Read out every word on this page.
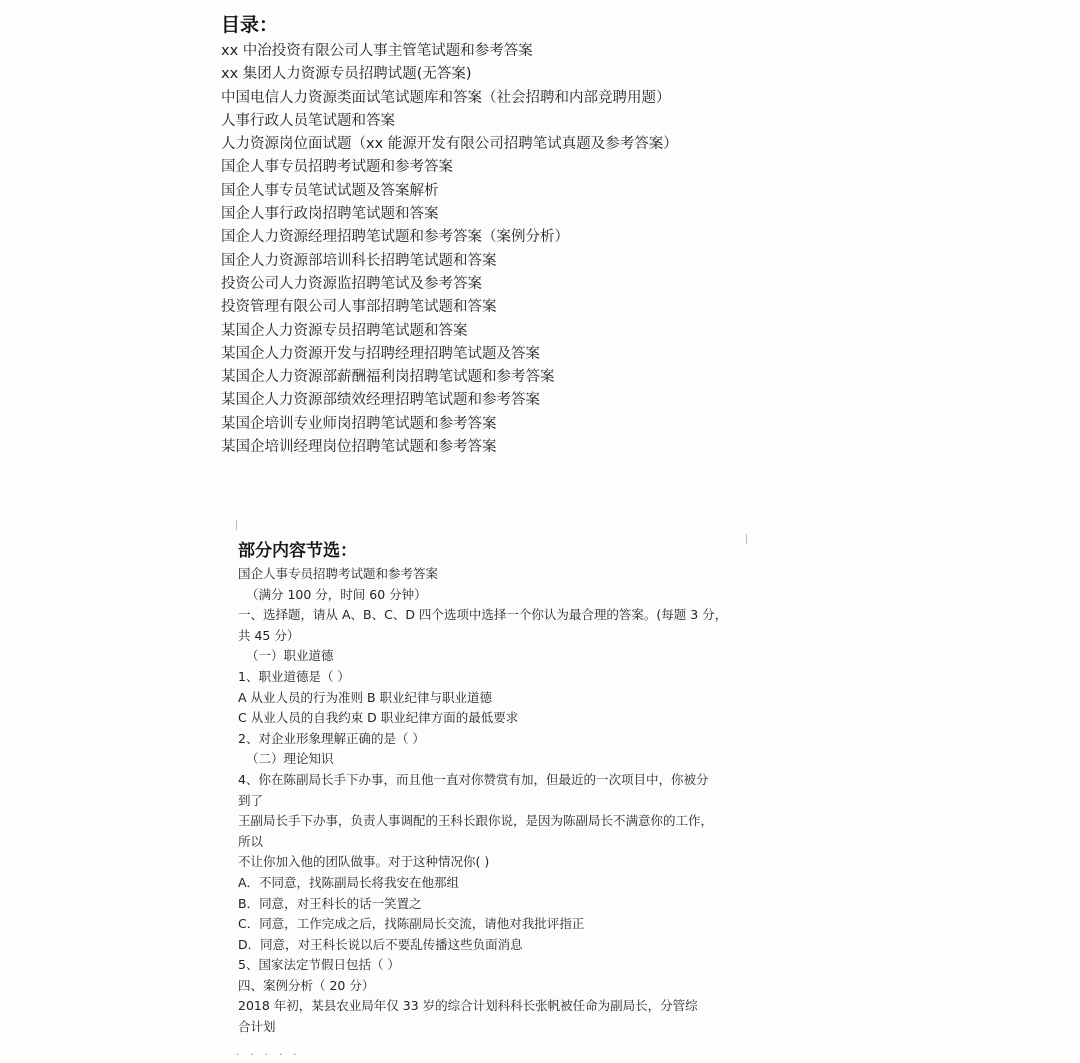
目录：
xx 中冶投资有限公司人事主管笔试题和参考答案
xx 集团人力资源专员招聘试题(无答案)
中国电信人力资源类面试笔试题库和答案（社会招聘和内部竞聘用题）
人事行政人员笔试题和答案
人力资源岗位面试题（xx 能源开发有限公司招聘笔试真题及参考答案）
国企人事专员招聘考试题和参考答案
国企人事专员笔试试题及答案解析
国企人事行政岗招聘笔试题和答案
国企人力资源经理招聘笔试题和参考答案（案例分析）
国企人力资源部培训科长招聘笔试题和答案
投资公司人力资源监招聘笔试及参考答案
投资管理有限公司人事部招聘笔试题和答案
某国企人力资源专员招聘笔试题和答案
某国企人力资源开发与招聘经理招聘笔试题及答案
某国企人力资源部薪酬福利岗招聘笔试题和参考答案
某国企人力资源部绩效经理招聘笔试题和参考答案
某国企培训专业师岗招聘笔试题和参考答案
某国企培训经理岗位招聘笔试题和参考答案
部分内容节选：
国企人事专员招聘考试题和参考答案
（满分 100 分，时间 60 分钟）
一、选择题，请从 A、B、C、D 四个选项中选择一个你认为最合理的答案。(每题 3 分，
共 45 分）
（一）职业道德
1、职业道德是（ ）
A 从业人员的行为准则 B 职业纪律与职业道德
C 从业人员的自我约束 D 职业纪律方面的最低要求
2、对企业形象理解正确的是（ ）
（二）理论知识
4、你在陈副局长手下办事，而且他一直对你赞赏有加，但最近的一次项目中，你被分
到了
王副局长手下办事，负责人事调配的王科长跟你说，是因为陈副局长不满意你的工作，
所以
不让你加入他的团队做事。对于这种情况你( )
A．不同意，找陈副局长将我安在他那组
B．同意，对王科长的话一笑置之
C．同意，工作完成之后，找陈副局长交流，请他对我批评指正
D．同意，对王科长说以后不要乱传播这些负面消息
5、国家法定节假日包括（ ）
四、案例分析（ 20 分）
2018 年初，某县农业局年仅 33 岁的综合计划科科长张帆被任命为副局长，分管综
合计划
· · · · ·
